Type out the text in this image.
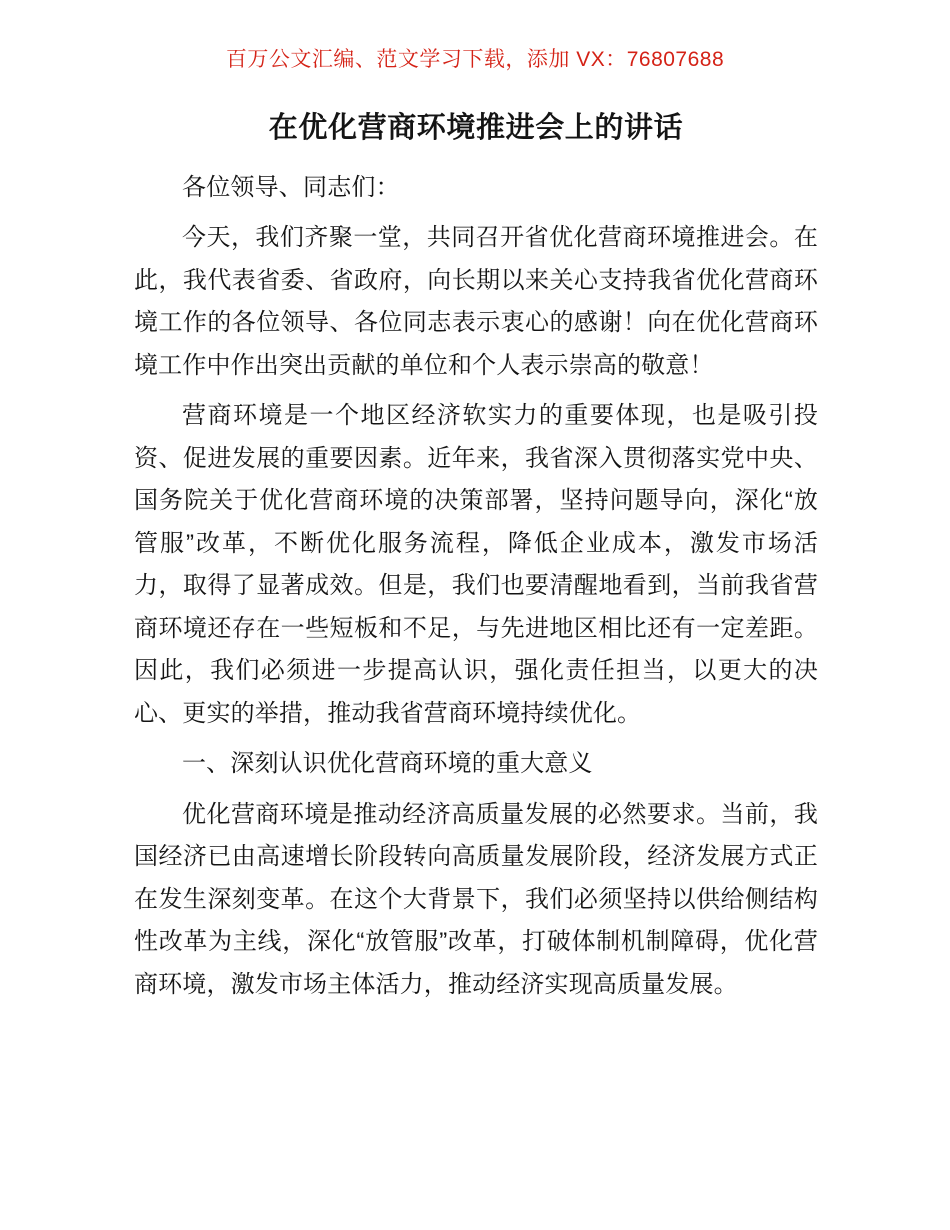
百万公文汇编、范文学习下载，添加 VX：76807688
在优化营商环境推进会上的讲话

各位领导、同志们：

今天，我们齐聚一堂，共同召开省优化营商环境推进会。在此，我代表省委、省政府，向长期以来关心支持我省优化营商环境工作的各位领导、各位同志表示衷心的感谢！向在优化营商环境工作中作出突出贡献的单位和个人表示崇高的敬意！

营商环境是一个地区经济软实力的重要体现，也是吸引投资、促进发展的重要因素。近年来，我省深入贯彻落实党中央、国务院关于优化营商环境的决策部署，坚持问题导向，深化“放管服”改革，不断优化服务流程，降低企业成本，激发市场活力，取得了显著成效。但是，我们也要清醒地看到，当前我省营商环境还存在一些短板和不足，与先进地区相比还有一定差距。因此，我们必须进一步提高认识，强化责任担当，以更大的决心、更实的举措，推动我省营商环境持续优化。

一、深刻认识优化营商环境的重大意义

优化营商环境是推动经济高质量发展的必然要求。当前，我国经济已由高速增长阶段转向高质量发展阶段，经济发展方式正在发生深刻变革。在这个大背景下，我们必须坚持以供给侧结构性改革为主线，深化“放管服”改革，打破体制机制障碍，优化营商环境，激发市场主体活力，推动经济实现高质量发展。
